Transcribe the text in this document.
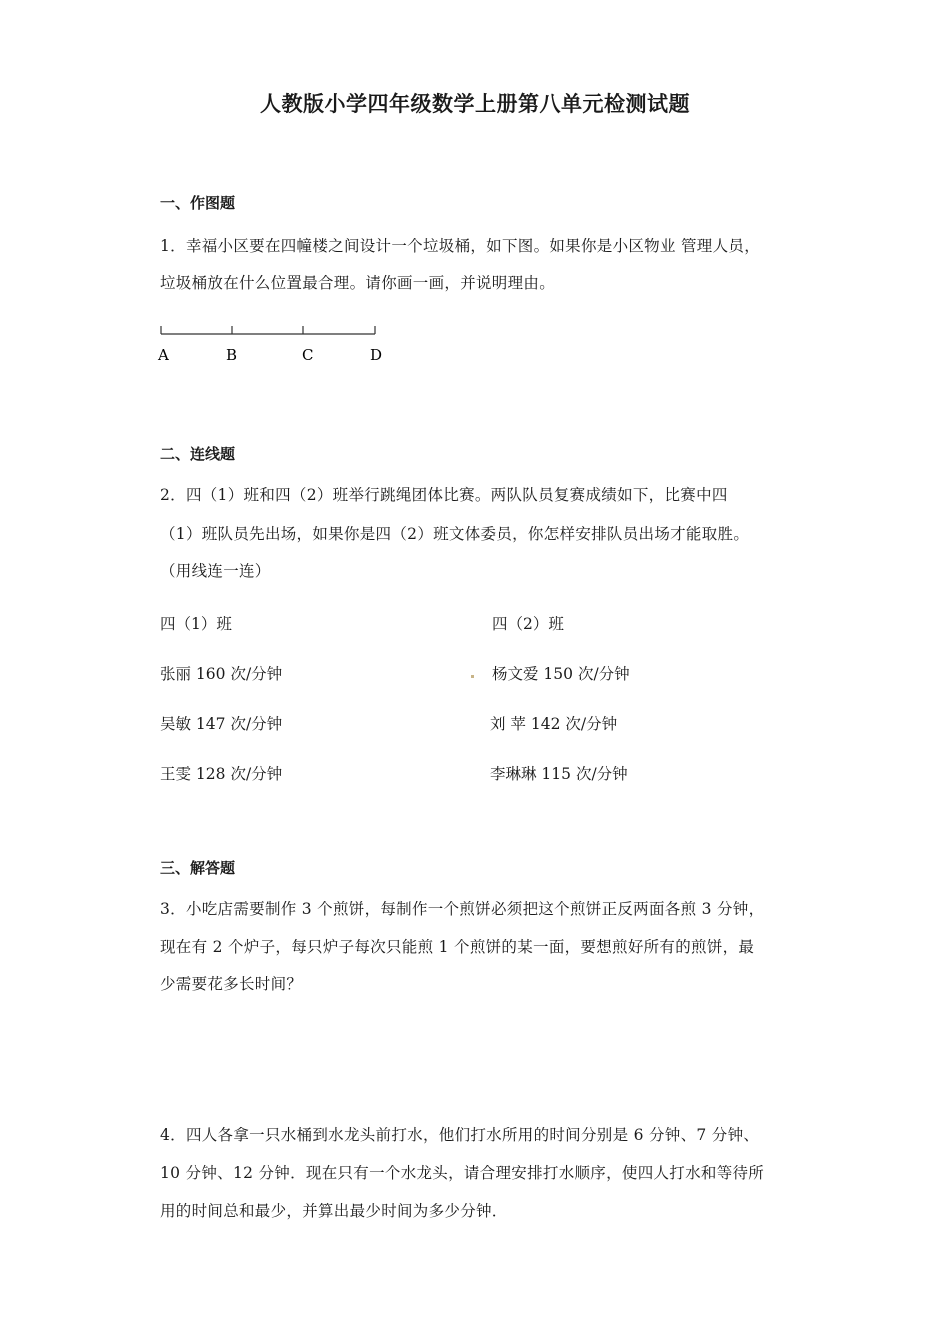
人教版小学四年级数学上册第八单元检测试题
一、作图题
1．幸福小区要在四幢楼之间设计一个垃圾桶，如下图。如果你是小区物业 管理人员，
垃圾桶放在什么位置最合理。请你画一画，并说明理由。
A	B	C	D
二、连线题
2．四（1）班和四（2）班举行跳绳团体比赛。两队队员复赛成绩如下，比赛中四
（1）班队员先出场，如果你是四（2）班文体委员，你怎样安排队员出场才能取胜。
（用线连一连）
四（1）班	四（2）班
张丽 160 次/分钟	杨文爱 150 次/分钟
吴敏 147 次/分钟	刘 苹 142 次/分钟
王雯 128 次/分钟	李琳琳 115 次/分钟
三、解答题
3．小吃店需要制作 3 个煎饼，每制作一个煎饼必须把这个煎饼正反两面各煎 3 分钟，
现在有 2 个炉子，每只炉子每次只能煎 1 个煎饼的某一面，要想煎好所有的煎饼，最
少需要花多长时间？
4．四人各拿一只水桶到水龙头前打水，他们打水所用的时间分别是 6 分钟、7 分钟、
10 分钟、12 分钟．现在只有一个水龙头，请合理安排打水顺序，使四人打水和等待所
用的时间总和最少，并算出最少时间为多少分钟．
